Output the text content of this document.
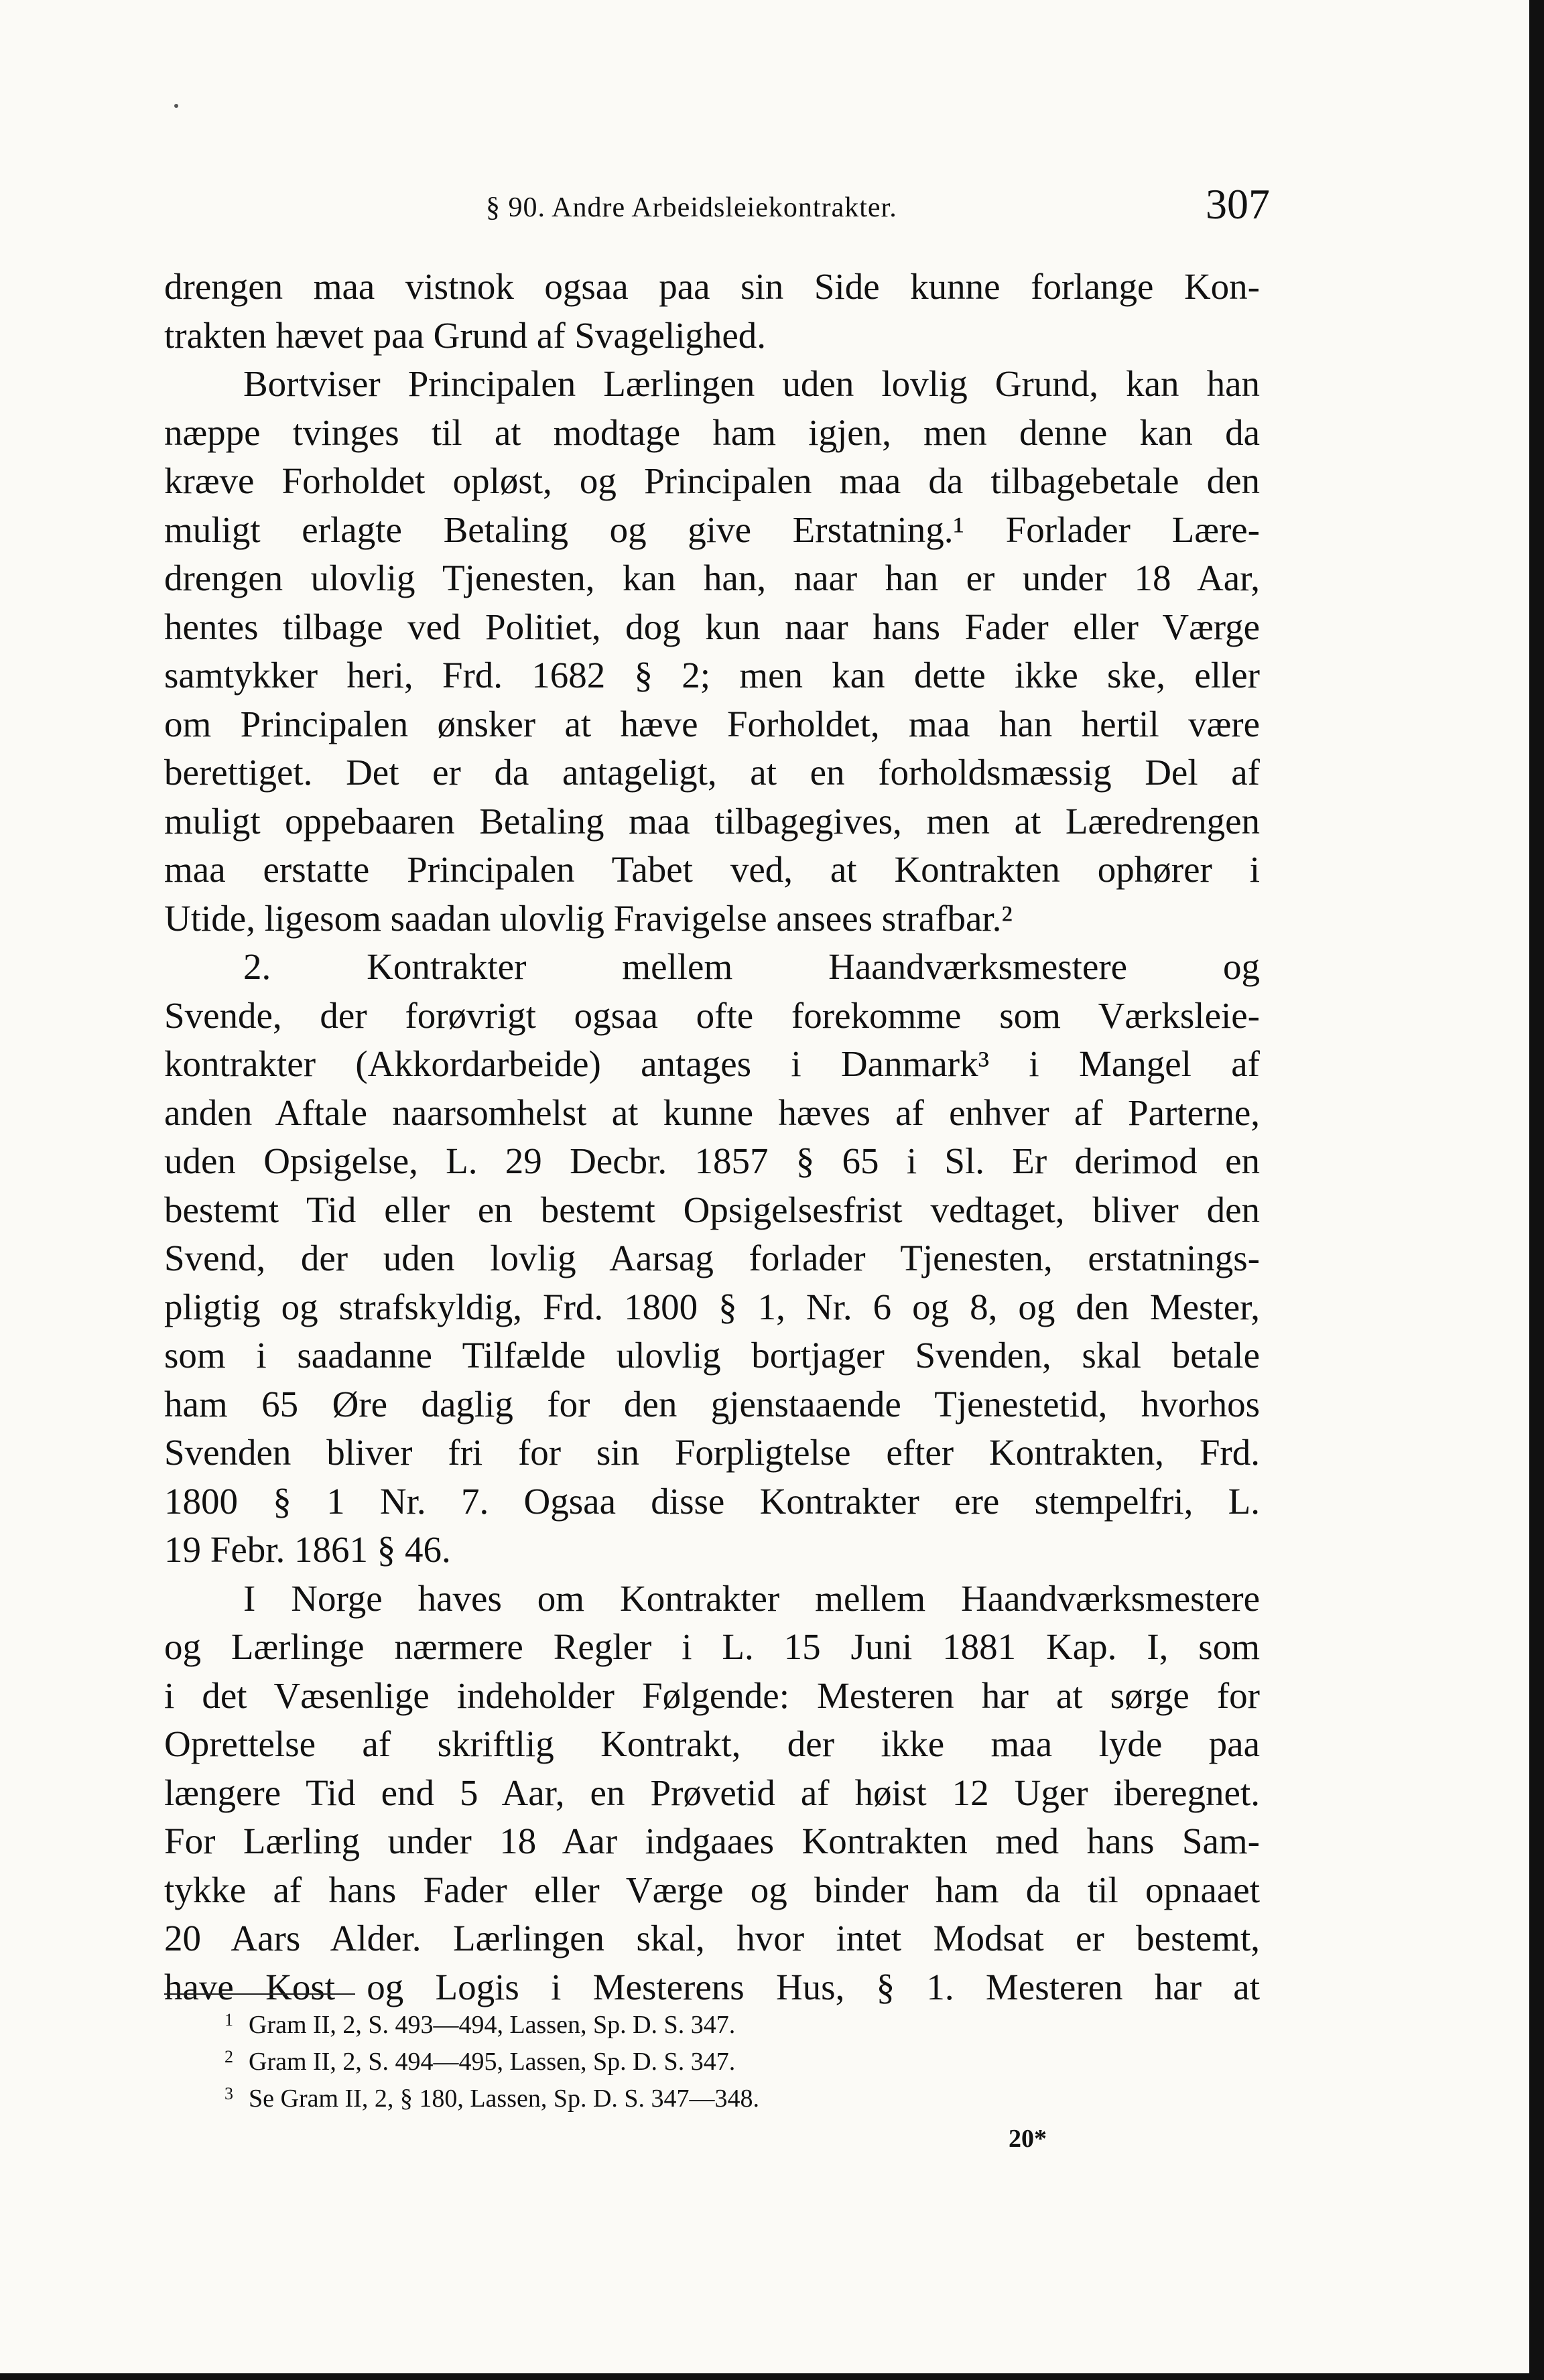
§ 90. Andre Arbeidsleiekontrakter.	307
drengen maa vistnok ogsaa paa sin Side kunne forlange Kon-
trakten hævet paa Grund af Svagelighed.
Bortviser Principalen Lærlingen uden lovlig Grund, kan han
næppe tvinges til at modtage ham igjen, men denne kan da
kræve Forholdet opløst, og Principalen maa da tilbagebetale den
muligt erlagte Betaling og give Erstatning.¹ Forlader Lære-
drengen ulovlig Tjenesten, kan han, naar han er under 18 Aar,
hentes tilbage ved Politiet, dog kun naar hans Fader eller Værge
samtykker heri, Frd. 1682 § 2; men kan dette ikke ske, eller
om Principalen ønsker at hæve Forholdet, maa han hertil være
berettiget. Det er da antageligt, at en forholdsmæssig Del af
muligt oppebaaren Betaling maa tilbagegives, men at Læredrengen
maa erstatte Principalen Tabet ved, at Kontrakten ophører i
Utide, ligesom saadan ulovlig Fravigelse ansees strafbar.²
2. Kontrakter mellem Haandværksmestere og
Svende, der forøvrigt ogsaa ofte forekomme som Værksleie-
kontrakter (Akkordarbeide) antages i Danmark³ i Mangel af
anden Aftale naarsomhelst at kunne hæves af enhver af Parterne,
uden Opsigelse, L. 29 Decbr. 1857 § 65 i Sl. Er derimod en
bestemt Tid eller en bestemt Opsigelsesfrist vedtaget, bliver den
Svend, der uden lovlig Aarsag forlader Tjenesten, erstatnings-
pligtig og strafskyldig, Frd. 1800 § 1, Nr. 6 og 8, og den Mester,
som i saadanne Tilfælde ulovlig bortjager Svenden, skal betale
ham 65 Øre daglig for den gjenstaaende Tjenestetid, hvorhos
Svenden bliver fri for sin Forpligtelse efter Kontrakten, Frd.
1800 § 1 Nr. 7. Ogsaa disse Kontrakter ere stempelfri, L.
19 Febr. 1861 § 46.
I Norge haves om Kontrakter mellem Haandværksmestere
og Lærlinge nærmere Regler i L. 15 Juni 1881 Kap. I, som
i det Væsenlige indeholder Følgende: Mesteren har at sørge for
Oprettelse af skriftlig Kontrakt, der ikke maa lyde paa
længere Tid end 5 Aar, en Prøvetid af høist 12 Uger iberegnet.
For Lærling under 18 Aar indgaaes Kontrakten med hans Sam-
tykke af hans Fader eller Værge og binder ham da til opnaaet
20 Aars Alder. Lærlingen skal, hvor intet Modsat er bestemt,
have Kost og Logis i Mesterens Hus, § 1. Mesteren har at
1 Gram II, 2, S. 493—494, Lassen, Sp. D. S. 347.
2 Gram II, 2, S. 494—495, Lassen, Sp. D. S. 347.
3 Se Gram II, 2, § 180, Lassen, Sp. D. S. 347—348.
20*
